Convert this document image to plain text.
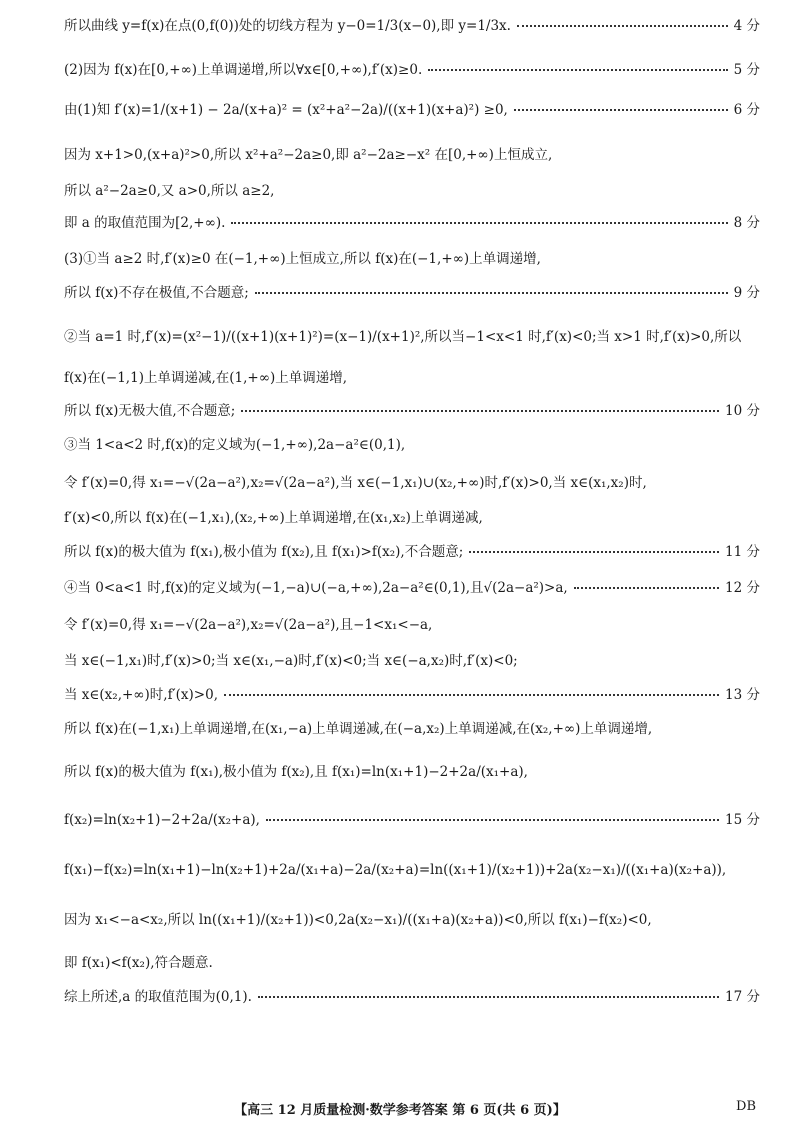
所以曲线 y=f(x)在点(0,f(0))处的切线方程为 y−0=1/3(x−0),即 y=1/3x.	4 分
(2)因为 f(x)在[0,+∞)上单调递增,所以∀x∈[0,+∞),f′(x)≥0.	5 分
由(1)知 f′(x)=1/(x+1) − 2a/(x+a)² = (x²+a²−2a)/((x+1)(x+a)²) ≥0,	6 分
因为 x+1>0,(x+a)²>0,所以 x²+a²−2a≥0,即 a²−2a≥−x² 在[0,+∞)上恒成立,
所以 a²−2a≥0,又 a>0,所以 a≥2,
即 a 的取值范围为[2,+∞).	8 分
(3)①当 a≥2 时,f′(x)≥0 在(−1,+∞)上恒成立,所以 f(x)在(−1,+∞)上单调递增,
所以 f(x)不存在极值,不合题意;	9 分
②当 a=1 时,f′(x)=(x²−1)/((x+1)(x+1)²)=(x−1)/(x+1)²,所以当−1<x<1 时,f′(x)<0;当 x>1 时,f′(x)>0,所以
f(x)在(−1,1)上单调递减,在(1,+∞)上单调递增,
所以 f(x)无极大值,不合题意;	10 分
③当 1<a<2 时,f(x)的定义域为(−1,+∞),2a−a²∈(0,1),
令 f′(x)=0,得 x₁=−√(2a−a²),x₂=√(2a−a²),当 x∈(−1,x₁)∪(x₂,+∞)时,f′(x)>0,当 x∈(x₁,x₂)时,
f′(x)<0,所以 f(x)在(−1,x₁),(x₂,+∞)上单调递增,在(x₁,x₂)上单调递减,
所以 f(x)的极大值为 f(x₁),极小值为 f(x₂),且 f(x₁)>f(x₂),不合题意;	11 分
④当 0<a<1 时,f(x)的定义域为(−1,−a)∪(−a,+∞),2a−a²∈(0,1),且√(2a−a²)>a,	12 分
令 f′(x)=0,得 x₁=−√(2a−a²),x₂=√(2a−a²),且−1<x₁<−a,
当 x∈(−1,x₁)时,f′(x)>0;当 x∈(x₁,−a)时,f′(x)<0;当 x∈(−a,x₂)时,f′(x)<0;
当 x∈(x₂,+∞)时,f′(x)>0,	13 分
所以 f(x)在(−1,x₁)上单调递增,在(x₁,−a)上单调递减,在(−a,x₂)上单调递减,在(x₂,+∞)上单调递增,
所以 f(x)的极大值为 f(x₁),极小值为 f(x₂),且 f(x₁)=ln(x₁+1)−2+2a/(x₁+a),
f(x₂)=ln(x₂+1)−2+2a/(x₂+a),	15 分
f(x₁)−f(x₂)=ln(x₁+1)−ln(x₂+1)+2a/(x₁+a)−2a/(x₂+a)=ln((x₁+1)/(x₂+1))+2a(x₂−x₁)/((x₁+a)(x₂+a)),
因为 x₁<−a<x₂,所以 ln((x₁+1)/(x₂+1))<0,2a(x₂−x₁)/((x₁+a)(x₂+a))<0,所以 f(x₁)−f(x₂)<0,
即 f(x₁)<f(x₂),符合题意.
综上所述,a 的取值范围为(0,1).	17 分
【高三 12 月质量检测·数学参考答案 第 6 页(共 6 页)】	DB
